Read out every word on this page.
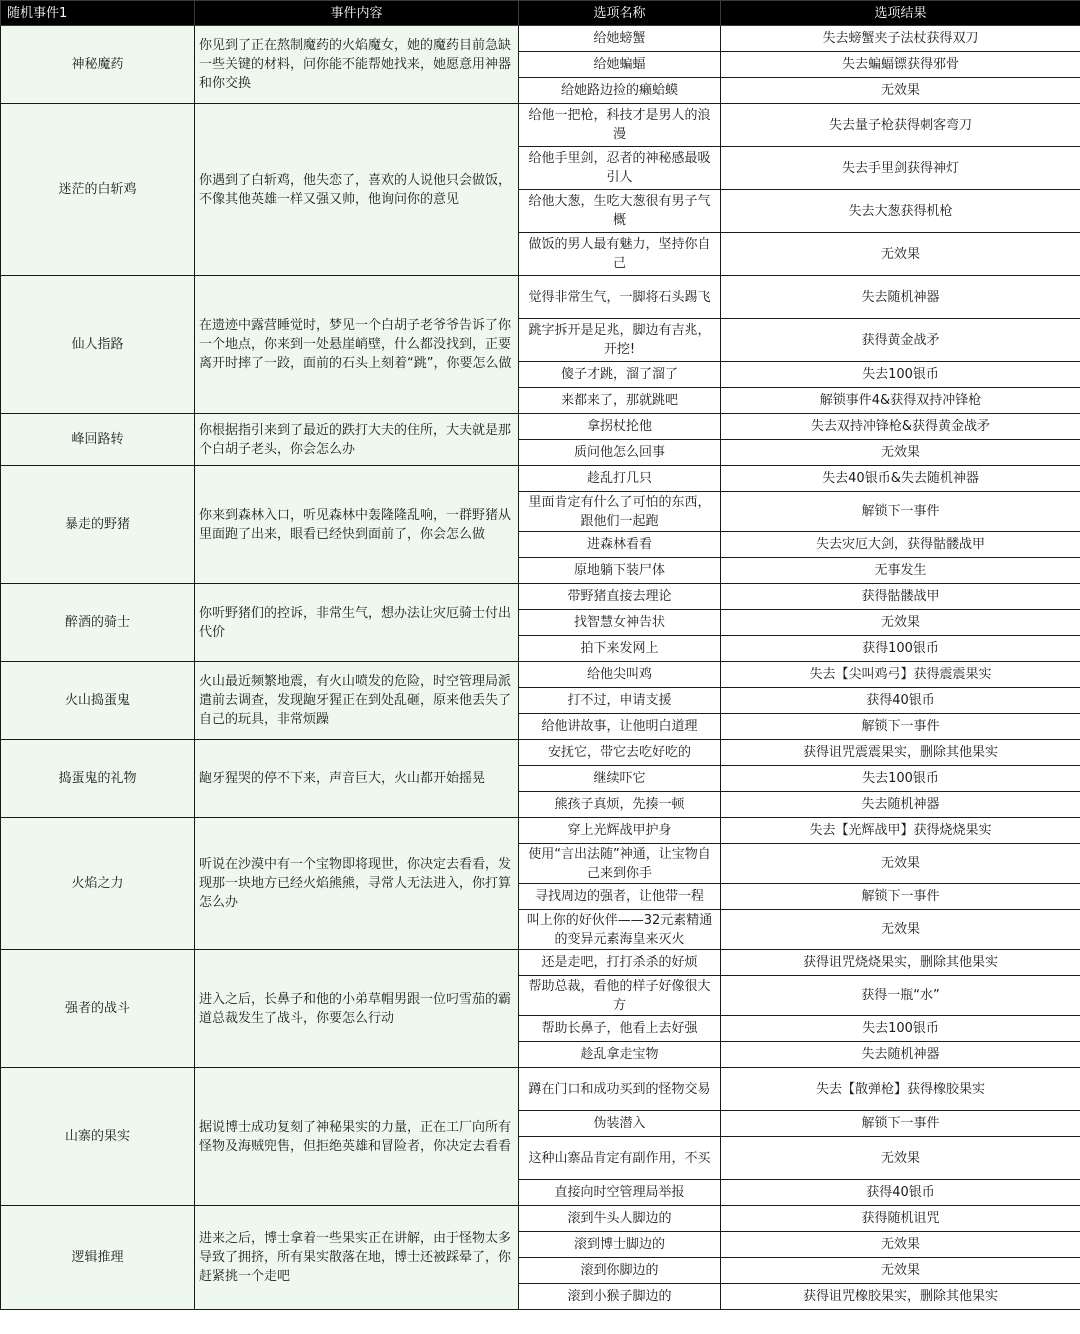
随机事件1	事件内容	选项名称	选项结果
神秘魔药	你见到了正在熬制魔药的火焰魔女，她的魔药目前急缺一些关键的材料，问你能不能帮她找来，她愿意用神器和你交换	给她螃蟹	失去螃蟹夹子法杖获得双刀
		给她蝙蝠	失去蝙蝠镖获得邪骨
		给她路边捡的癞蛤蟆	无效果
迷茫的白斩鸡	你遇到了白斩鸡，他失恋了，喜欢的人说他只会做饭，不像其他英雄一样又强又帅，他询问你的意见	给他一把枪，科技才是男人的浪漫	失去量子枪获得刺客弯刀
		给他手里剑，忍者的神秘感最吸引人	失去手里剑获得神灯
		给他大葱，生吃大葱很有男子气概	失去大葱获得机枪
		做饭的男人最有魅力，坚持你自己	无效果
仙人指路	在遗迹中露营睡觉时，梦见一个白胡子老爷爷告诉了你一个地点，你来到一处悬崖峭壁，什么都没找到，正要离开时摔了一跤，面前的石头上刻着“跳”，你要怎么做	觉得非常生气，一脚将石头踢飞	失去随机神器
		跳字拆开是足兆，脚边有吉兆，开挖!	获得黄金战矛
		傻子才跳，溜了溜了	失去100银币
		来都来了，那就跳吧	解锁事件4&获得双持冲锋枪
峰回路转	你根据指引来到了最近的跌打大夫的住所，大夫就是那个白胡子老头，你会怎么办	拿拐杖抡他	失去双持冲锋枪&获得黄金战矛
		质问他怎么回事	无效果
暴走的野猪	你来到森林入口，听见森林中轰隆隆乱响，一群野猪从里面跑了出来，眼看已经快到面前了，你会怎么做	趁乱打几只	失去40银币&失去随机神器
		里面肯定有什么了可怕的东西，跟他们一起跑	解锁下一事件
		进森林看看	失去灾厄大剑，获得骷髅战甲
		原地躺下装尸体	无事发生
醉酒的骑士	你听野猪们的控诉，非常生气，想办法让灾厄骑士付出代价	带野猪直接去理论	获得骷髅战甲
		找智慧女神告状	无效果
		拍下来发网上	获得100银币
火山捣蛋鬼	火山最近频繁地震，有火山喷发的危险，时空管理局派遣前去调查，发现龅牙猩正在到处乱砸，原来他丢失了自己的玩具，非常烦躁	给他尖叫鸡	失去【尖叫鸡弓】获得震震果实
		打不过，申请支援	获得40银币
		给他讲故事，让他明白道理	解锁下一事件
捣蛋鬼的礼物	龅牙猩哭的停不下来，声音巨大，火山都开始摇晃	安抚它，带它去吃好吃的	获得诅咒震震果实，删除其他果实
		继续吓它	失去100银币
		熊孩子真烦，先揍一顿	失去随机神器
火焰之力	听说在沙漠中有一个宝物即将现世，你决定去看看，发现那一块地方已经火焰熊熊，寻常人无法进入，你打算怎么办	穿上光辉战甲护身	失去【光辉战甲】获得烧烧果实
		使用“言出法随”神通，让宝物自己来到你手	无效果
		寻找周边的强者，让他带一程	解锁下一事件
		叫上你的好伙伴——32元素精通的变异元素海皇来灭火	无效果
强者的战斗	进入之后，长鼻子和他的小弟草帽男跟一位叼雪茄的霸道总裁发生了战斗，你要怎么行动	还是走吧，打打杀杀的好烦	获得诅咒烧烧果实，删除其他果实
		帮助总裁，看他的样子好像很大方	获得一瓶“水”
		帮助长鼻子，他看上去好强	失去100银币
		趁乱拿走宝物	失去随机神器
山寨的果实	据说博士成功复刻了神秘果实的力量，正在工厂向所有怪物及海贼兜售，但拒绝英雄和冒险者，你决定去看看	蹲在门口和成功买到的怪物交易	失去【散弹枪】获得橡胶果实
		伪装潜入	解锁下一事件
		这种山寨品肯定有副作用，不买	无效果
		直接向时空管理局举报	获得40银币
逻辑推理	进来之后，博士拿着一些果实正在讲解，由于怪物太多导致了拥挤，所有果实散落在地，博士还被踩晕了，你赶紧挑一个走吧	滚到牛头人脚边的	获得随机诅咒
		滚到博士脚边的	无效果
		滚到你脚边的	无效果
		滚到小猴子脚边的	获得诅咒橡胶果实，删除其他果实
